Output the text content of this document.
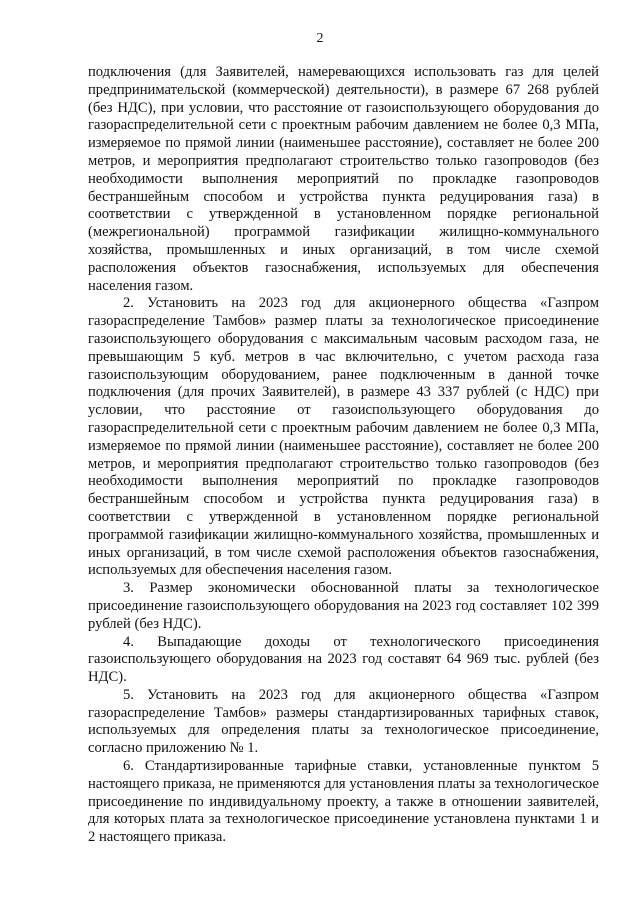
2

подключения (для Заявителей, намеревающихся использовать газ для целей предпринимательской (коммерческой) деятельности), в размере 67 268 рублей (без НДС), при условии, что расстояние от газоиспользующего оборудования до газораспределительной сети с проектным рабочим давлением не более 0,3 МПа, измеряемое по прямой линии (наименьшее расстояние), составляет не более 200 метров, и мероприятия предполагают строительство только газопроводов (без необходимости выполнения мероприятий по прокладке газопроводов бестраншейным способом и устройства пункта редуцирования газа) в соответствии с утвержденной в установленном порядке региональной (межрегиональной) программой газификации жилищно-коммунального хозяйства, промышленных и иных организаций, в том числе схемой расположения объектов газоснабжения, используемых для обеспечения населения газом.

2. Установить на 2023 год для акционерного общества «Газпром газораспределение Тамбов» размер платы за технологическое присоединение газоиспользующего оборудования с максимальным часовым расходом газа, не превышающим 5 куб. метров в час включительно, с учетом расхода газа газоиспользующим оборудованием, ранее подключенным в данной точке подключения (для прочих Заявителей), в размере 43 337 рублей (с НДС) при условии, что расстояние от газоиспользующего оборудования до газораспределительной сети с проектным рабочим давлением не более 0,3 МПа, измеряемое по прямой линии (наименьшее расстояние), составляет не более 200 метров, и мероприятия предполагают строительство только газопроводов (без необходимости выполнения мероприятий по прокладке газопроводов бестраншейным способом и устройства пункта редуцирования газа) в соответствии с утвержденной в установленном порядке региональной программой газификации жилищно-коммунального хозяйства, промышленных и иных организаций, в том числе схемой расположения объектов газоснабжения, используемых для обеспечения населения газом.

3. Размер экономически обоснованной платы за технологическое присоединение газоиспользующего оборудования на 2023 год составляет 102 399 рублей (без НДС).

4. Выпадающие доходы от технологического присоединения газоиспользующего оборудования на 2023 год составят 64 969 тыс. рублей (без НДС).

5. Установить на 2023 год для акционерного общества «Газпром газораспределение Тамбов» размеры стандартизированных тарифных ставок, используемых для определения платы за технологическое присоединение, согласно приложению № 1.

6. Стандартизированные тарифные ставки, установленные пунктом 5 настоящего приказа, не применяются для установления платы за технологическое присоединение по индивидуальному проекту, а также в отношении заявителей, для которых плата за технологическое присоединение установлена пунктами 1 и 2 настоящего приказа.
